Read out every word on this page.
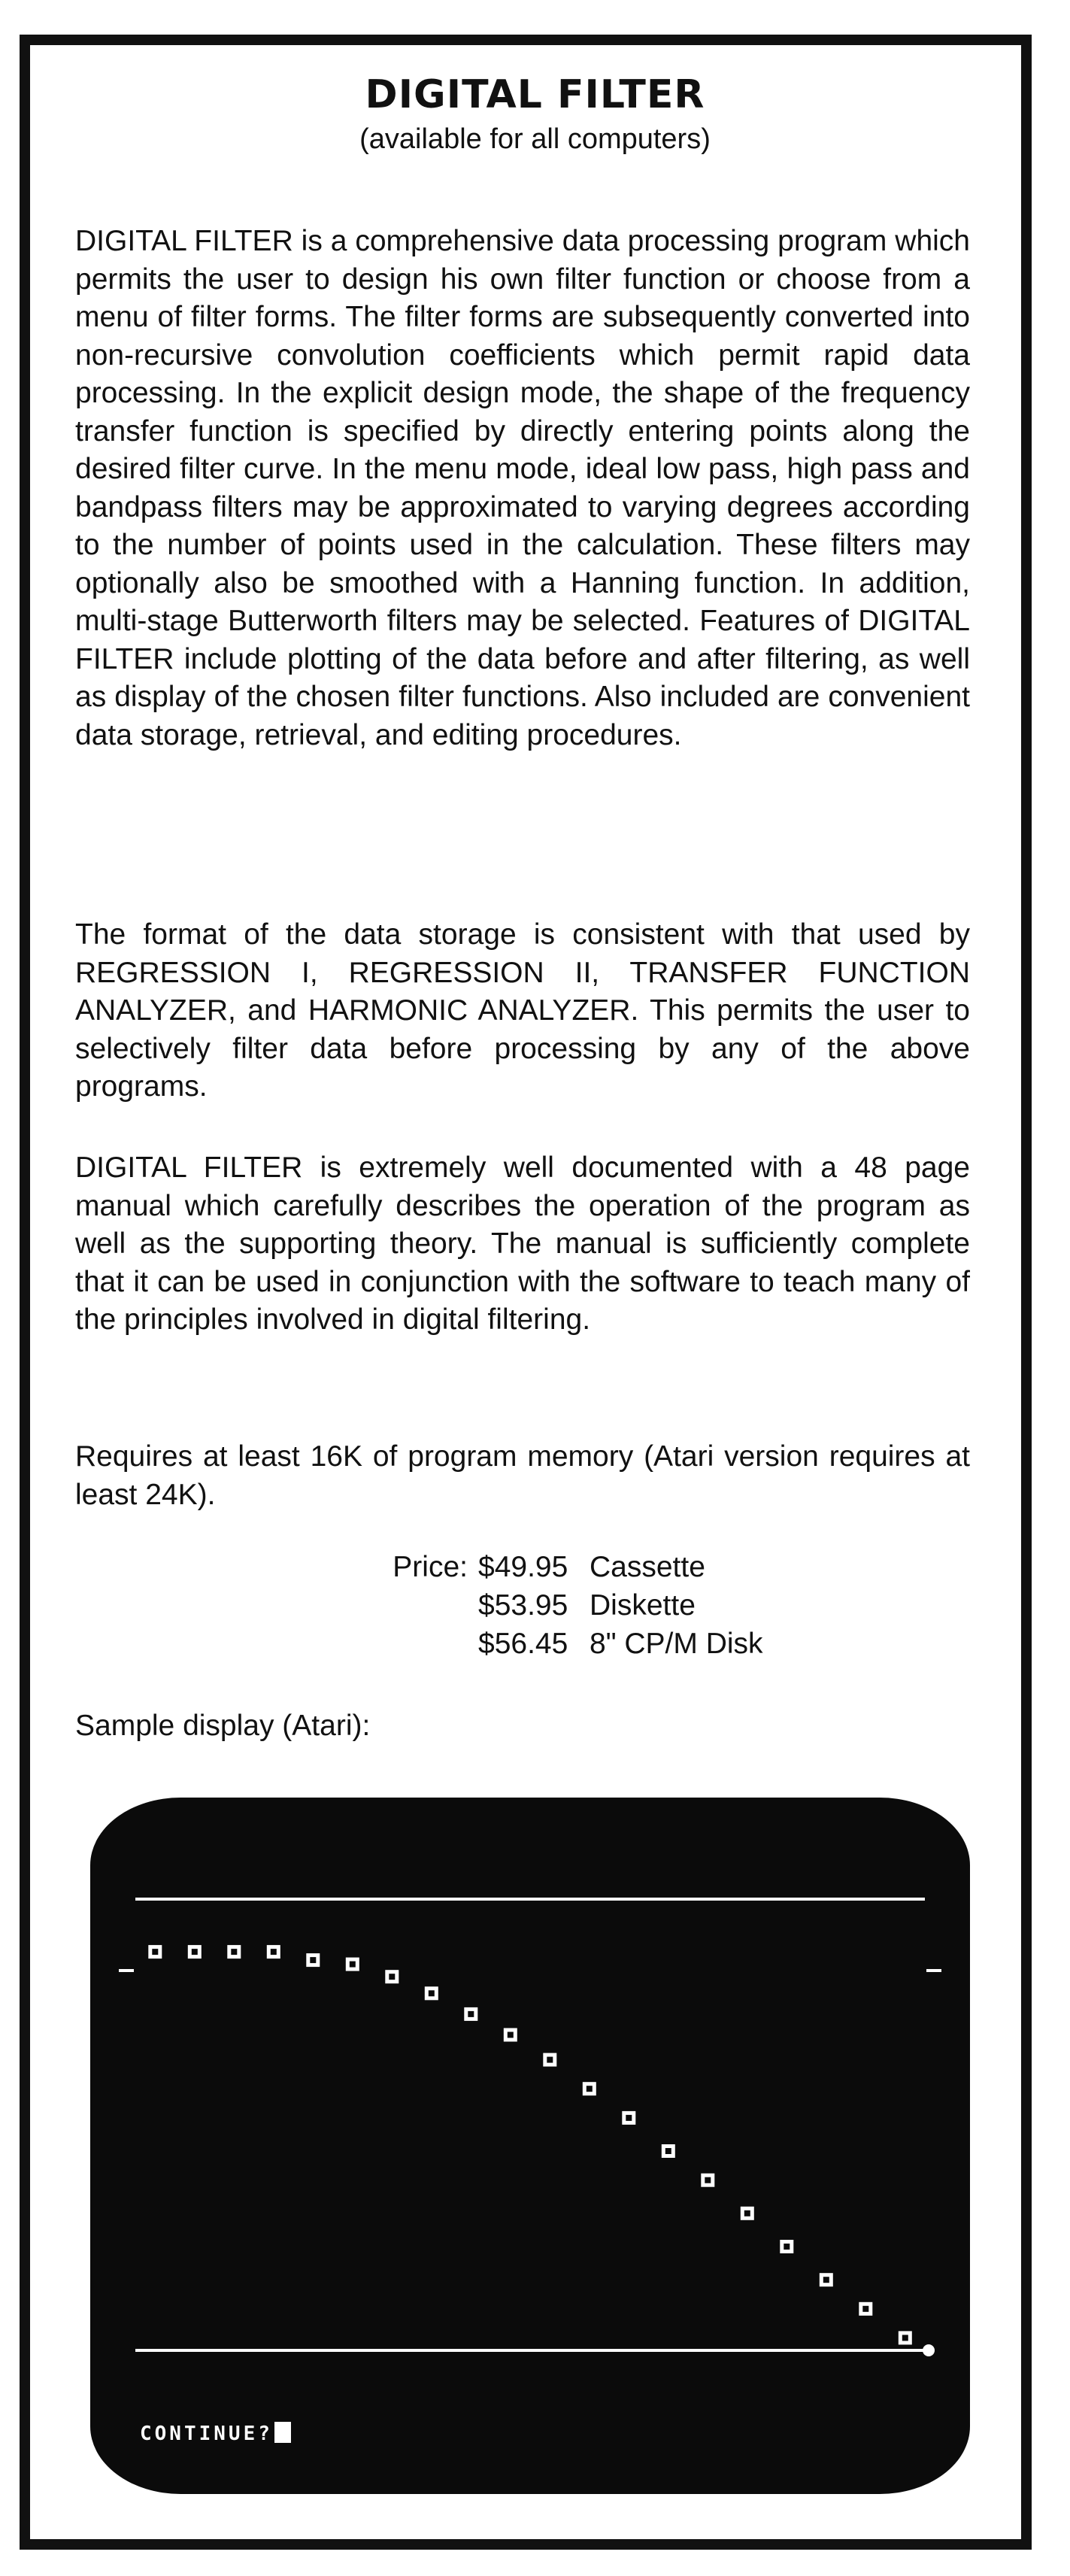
DIGITAL FILTER

(available for all computers)

DIGITAL FILTER is a comprehensive data processing program which permits the user to design his own filter function or choose from a menu of filter forms. The filter forms are subsequently converted into non-recursive convolution coefficients which permit rapid data processing. In the explicit design mode, the shape of the frequency transfer function is specified by directly entering points along the desired filter curve. In the menu mode, ideal low pass, high pass and bandpass filters may be approximated to varying degrees according to the number of points used in the calculation. These filters may optionally also be smoothed with a Hanning function. In addition, multi-stage Butterworth filters may be selected. Features of DIGITAL FILTER include plotting of the data before and after filtering, as well as display of the chosen filter functions. Also included are convenient data storage, retrieval, and editing procedures.

The format of the data storage is consistent with that used by REGRESSION I, REGRESSION II, TRANSFER FUNCTION ANALYZER, and HARMONIC ANALYZER. This permits the user to selectively filter data before processing by any of the above programs.

DIGITAL FILTER is extremely well documented with a 48 page manual which carefully describes the operation of the program as well as the supporting theory. The manual is sufficiently complete that it can be used in conjunction with the software to teach many of the principles involved in digital filtering.

Requires at least 16K of program memory (Atari version requires at least 24K).

Price: $49.95 Cassette
$53.95 Diskette
$56.45 8" CP/M Disk

Sample display (Atari):

CONTINUE?
